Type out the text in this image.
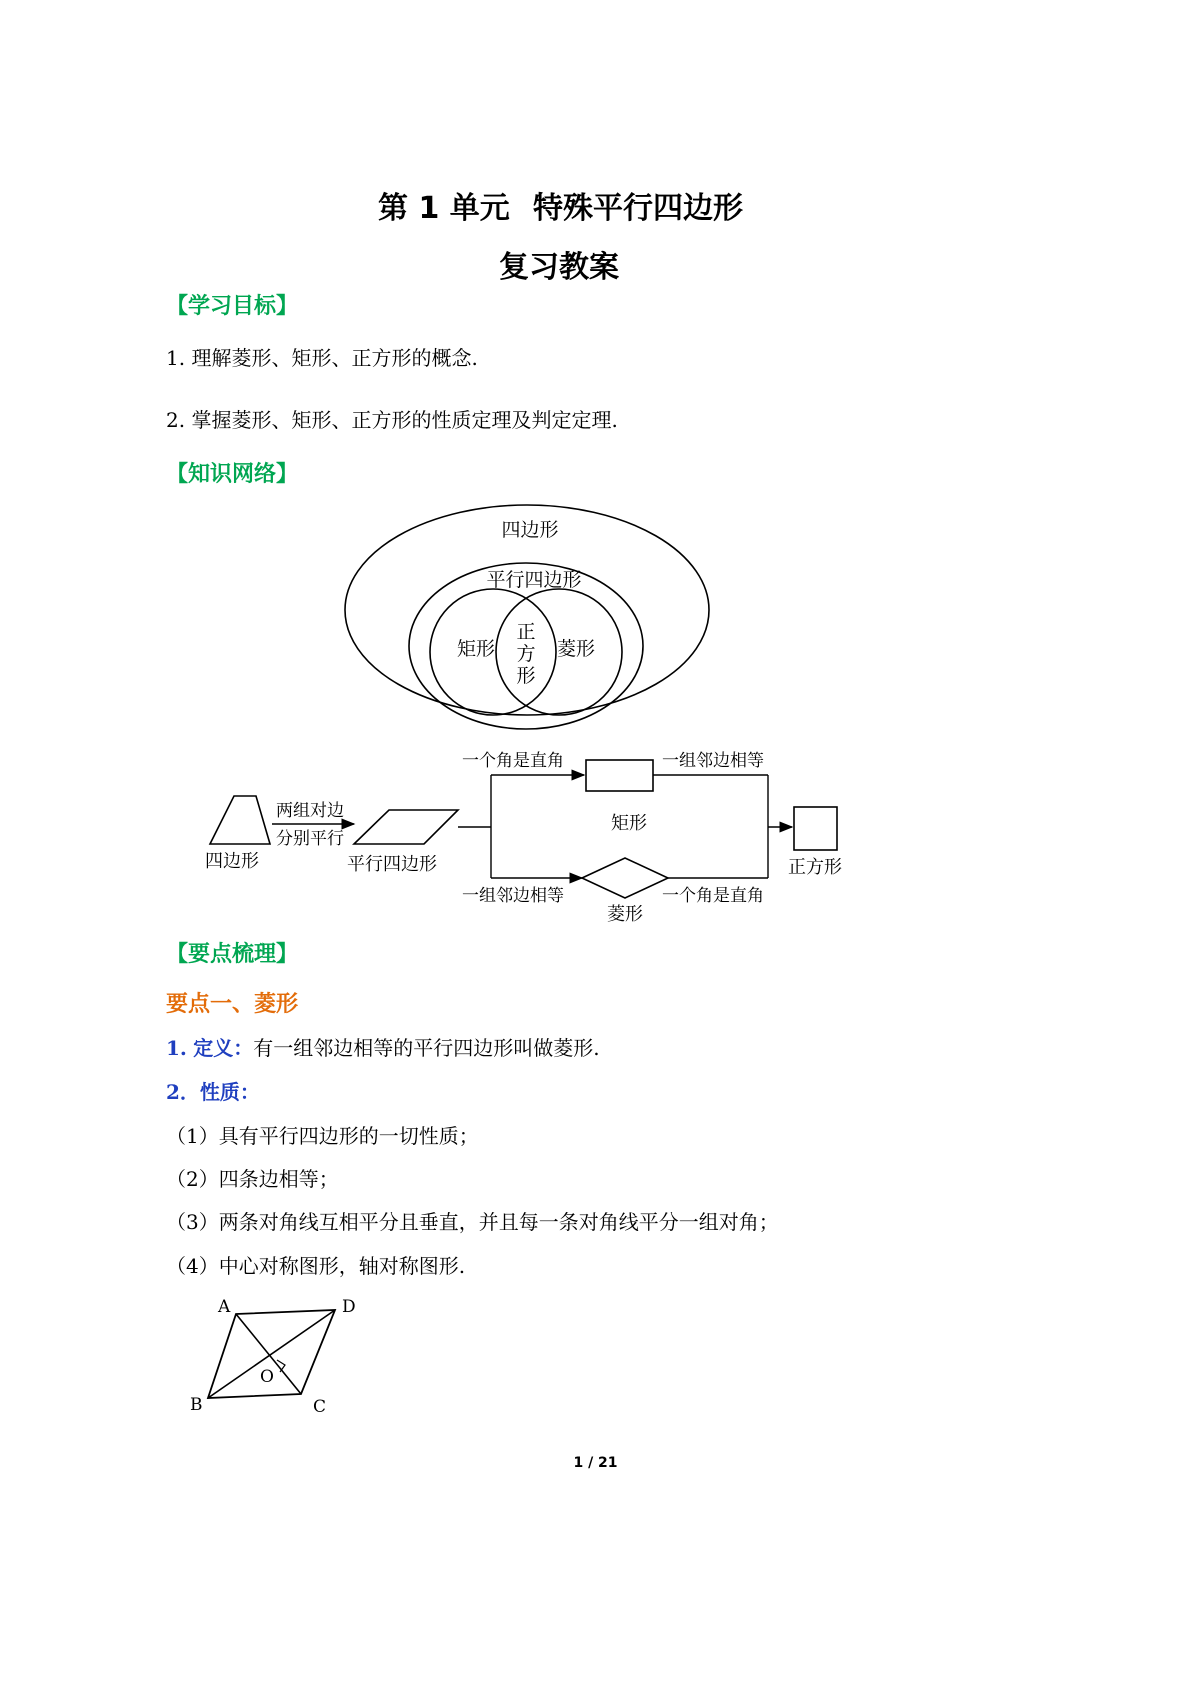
第 1 单元 特殊平行四边形
复习教案
【学习目标】
1. 理解菱形、矩形、正方形的概念.
2. 掌握菱形、矩形、正方形的性质定理及判定定理.
【知识网络】
四边形
平行四边形
矩形
正
方
形
菱形
四边形
两组对边
分别平行
平行四边形
一个角是直角	一组邻边相等
矩形
一组邻边相等	一个角是直角
菱形
正方形
【要点梳理】
要点一、菱形
1. 定义：有一组邻边相等的平行四边形叫做菱形.
2．性质：
（1）具有平行四边形的一切性质；
（2）四条边相等；
（3）两条对角线互相平分且垂直，并且每一条对角线平分一组对角；
（4）中心对称图形，轴对称图形.
A	D
O
B	C
1 / 21
